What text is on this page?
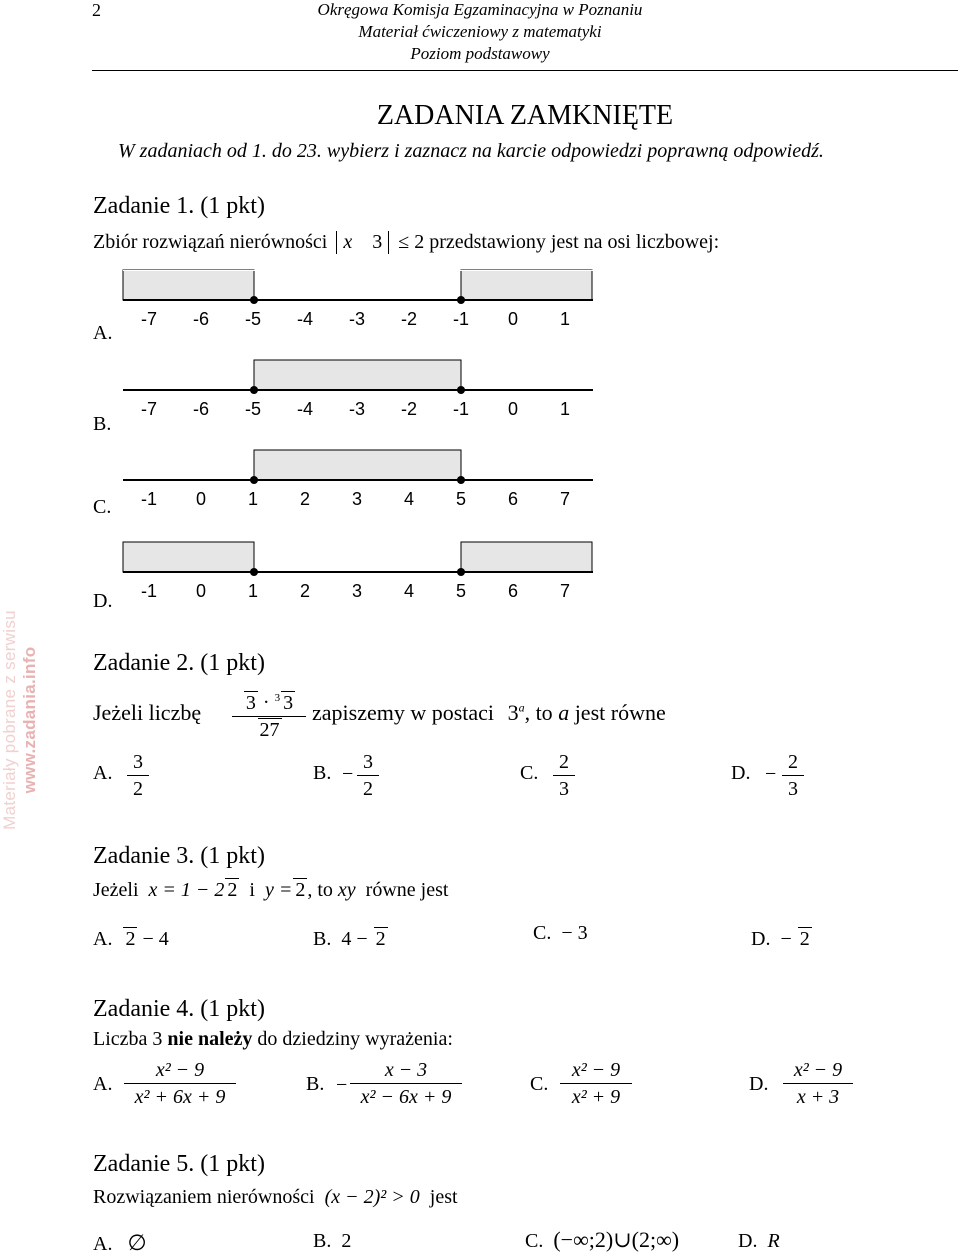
2	Okręgowa Komisja Egzaminacyjna w Poznaniu
Materiał ćwiczeniowy z matematyki
Poziom podstawowy
Materiały pobrane z serwisu www.zadania.info
ZADANIA ZAMKNIĘTE
W zadaniach od 1. do 23. wybierz i zaznacz na karcie odpowiedzi poprawną odpowiedź.
Zadanie 1. (1 pkt)
Zbiór rozwiązań nierówności x 3 ≤ 2 przedstawiony jest na osi liczbowej:
A.
-7 -6 -5 -4 -3 -2 -1 0 1
B.
-7 -6 -5 -4 -3 -2 -1 0 1
C. -1 0 1 2 3 4 5 6 7
D. -1 0 1 2 3 4 5 6 7
Zadanie 2. (1 pkt)
Jeżeli liczbę $\frac{3 \cdot ^3 3}{27}$ zapiszemy w postaci 3$^a$, to a jest równe
A. $\frac{3}{2}$	B. − $\frac{3}{2}$	C. $\frac{2}{3}$	D. − $\frac{2}{3}$
Zadanie 3. (1 pkt)
Jeżeli x = 1 − 2 2 i y = 2 , to xy równe jest
A. 2 − 4	B. 4 − 2	C. − 3	D. − 2
Zadanie 4. (1 pkt)
Liczba 3 nie należy do dziedziny wyrażenia:
A. $\frac{\text{x² − 9}}{\text{x² + 6x + 9}}$	B. − $\frac{x - 3}{\text{x² − 6x + 9}}$	C. $\frac{\text{x² − 9}}{\text{x² + 9}}$	D. $\frac{\text{x² − 9}}{x + 3}$
Zadanie 5. (1 pkt)
Rozwiązaniem nierówności (x − 2)² > 0 jest
A. ∅	B. 2	C. (−∞;2)∪(2;∞)	D. R
